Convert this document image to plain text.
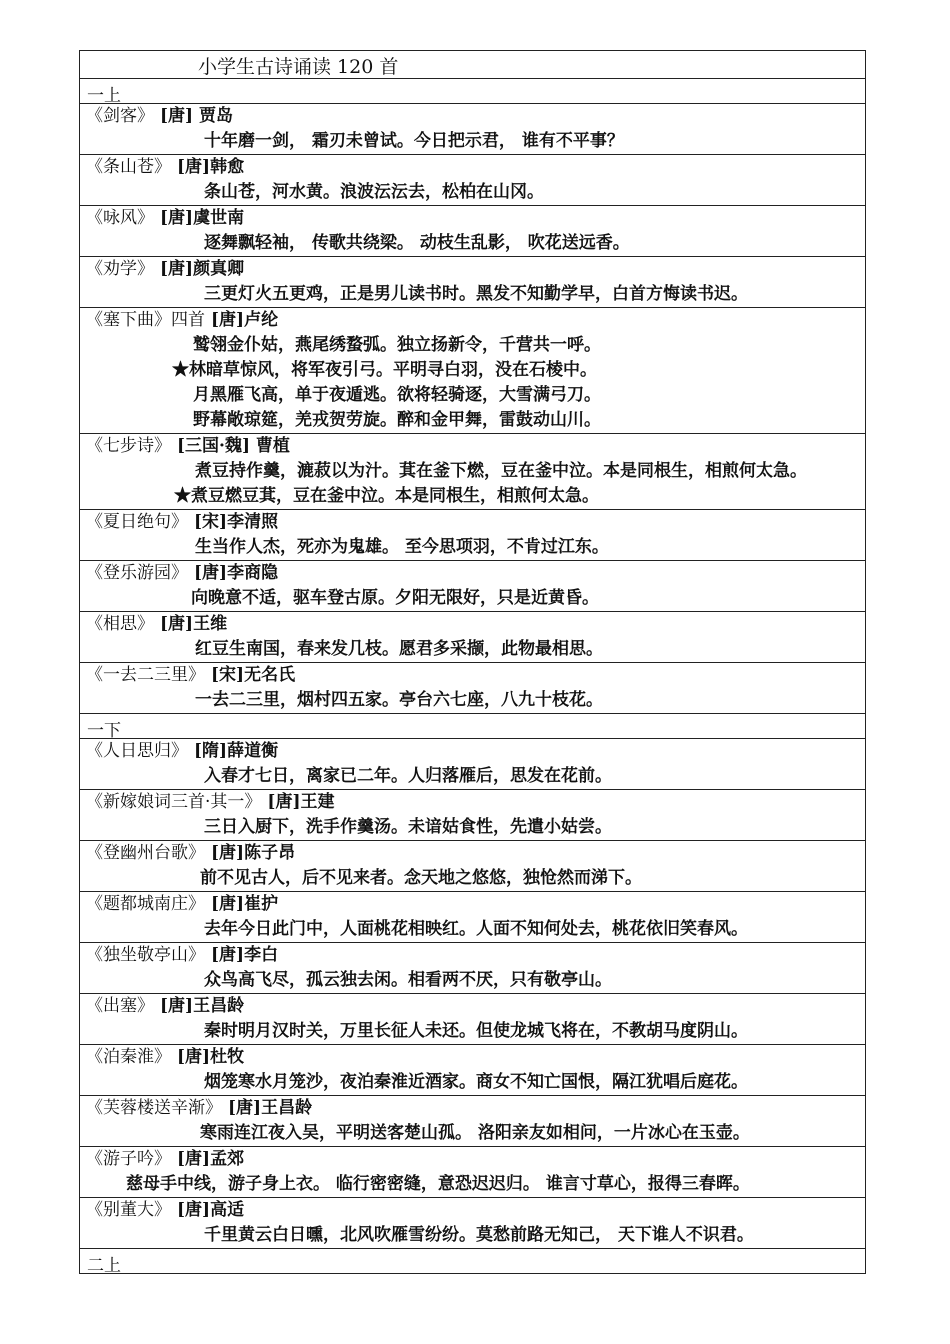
小学生古诗诵读 120 首
一上
《剑客》 [唐] 贾岛
十年磨一剑， 霜刃未曾试。今日把示君， 谁有不平事？
《条山苍》 [唐]韩愈
条山苍，河水黄。浪波沄沄去，松柏在山冈。
《咏风》 [唐]虞世南
逐舞飘轻袖， 传歌共绕梁。 动枝生乱影， 吹花送远香。
《劝学》 [唐]颜真卿
三更灯火五更鸡，正是男儿读书时。黑发不知勤学早，白首方悔读书迟。
《塞下曲》四首 [唐]卢纶
鹫翎金仆姑，燕尾绣蝥弧。独立扬新令，千营共一呼。
★林暗草惊风，将军夜引弓。平明寻白羽，没在石棱中。
月黑雁飞高，单于夜遁逃。欲将轻骑逐，大雪满弓刀。
野幕敞琼筵，羌戎贺劳旋。醉和金甲舞，雷鼓动山川。
《七步诗》 [三国·魏] 曹植
煮豆持作羹，漉菽以为汁。萁在釜下燃，豆在釜中泣。本是同根生，相煎何太急。
★煮豆燃豆萁，豆在釜中泣。本是同根生，相煎何太急。
《夏日绝句》 [宋]李清照
生当作人杰，死亦为鬼雄。 至今思项羽，不肯过江东。
《登乐游园》 [唐]李商隐
向晚意不适，驱车登古原。夕阳无限好，只是近黄昏。
《相思》 [唐]王维
红豆生南国，春来发几枝。愿君多采撷，此物最相思。
《一去二三里》 [宋]无名氏
一去二三里，烟村四五家。亭台六七座，八九十枝花。
一下
《人日思归》 [隋]薛道衡
入春才七日，离家已二年。人归落雁后，思发在花前。
《新嫁娘词三首·其一》 [唐]王建
三日入厨下，洗手作羹汤。未谙姑食性，先遣小姑尝。
《登幽州台歌》 [唐]陈子昂
前不见古人，后不见来者。念天地之悠悠，独怆然而涕下。
《题都城南庄》 [唐]崔护
去年今日此门中，人面桃花相映红。人面不知何处去，桃花依旧笑春风。
《独坐敬亭山》 [唐]李白
众鸟高飞尽，孤云独去闲。相看两不厌，只有敬亭山。
《出塞》 [唐]王昌龄
秦时明月汉时关，万里长征人未还。但使龙城飞将在，不教胡马度阴山。
《泊秦淮》 [唐]杜牧
烟笼寒水月笼沙，夜泊秦淮近酒家。商女不知亡国恨，隔江犹唱后庭花。
《芙蓉楼送辛渐》 [唐]王昌龄
寒雨连江夜入吴，平明送客楚山孤。 洛阳亲友如相问，一片冰心在玉壶。
《游子吟》 [唐]孟郊
慈母手中线，游子身上衣。 临行密密缝，意恐迟迟归。 谁言寸草心，报得三春晖。
《别董大》 [唐]高适
千里黄云白日曛，北风吹雁雪纷纷。莫愁前路无知己， 天下谁人不识君。
二上
